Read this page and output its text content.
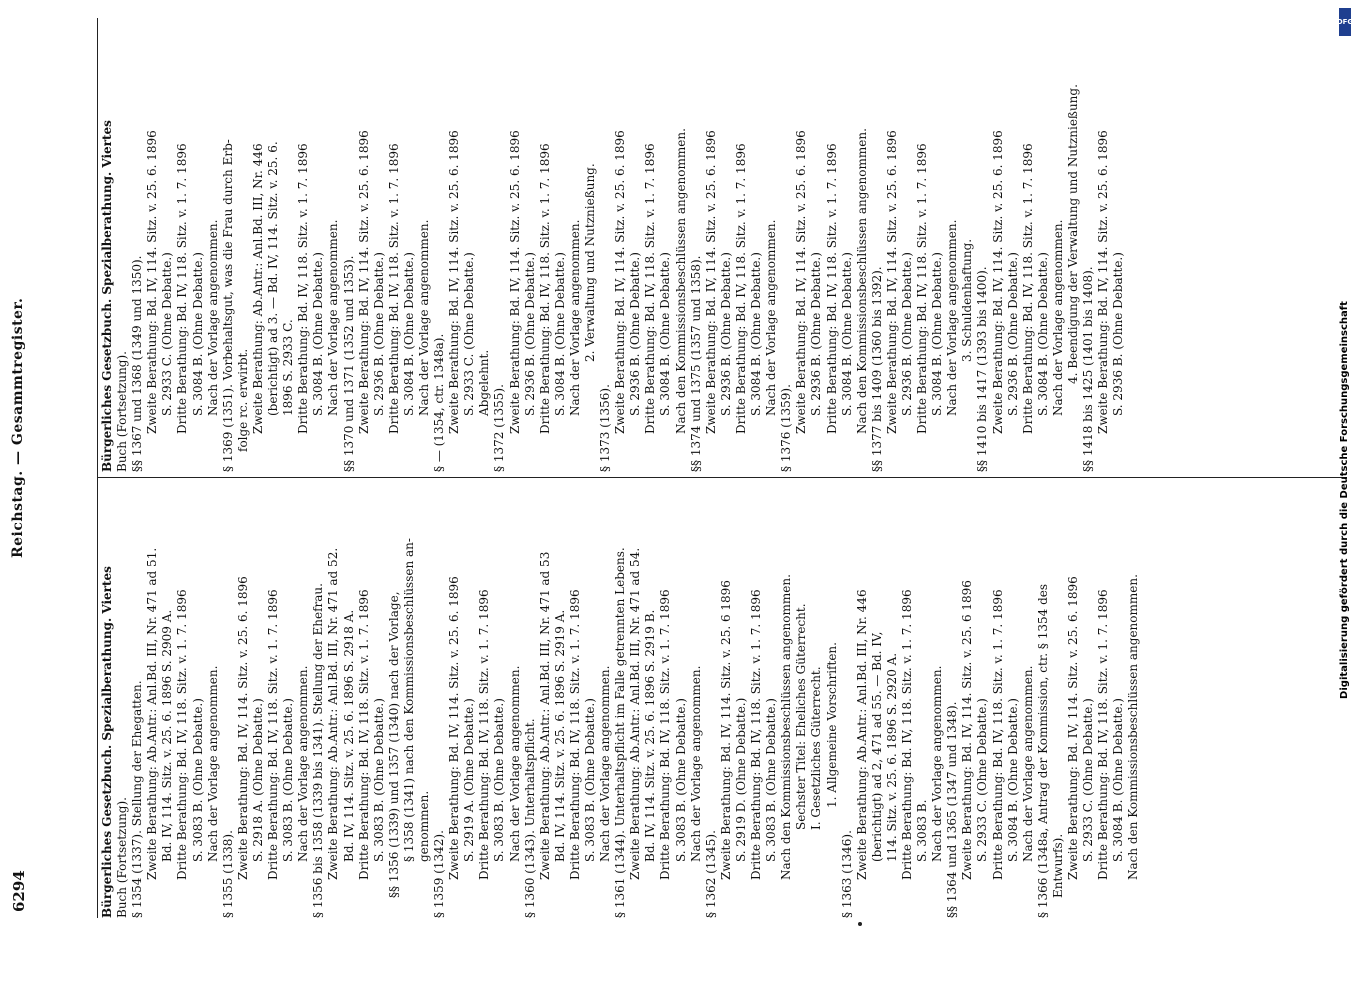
6294
Reichstag. — Gesammtregister.
Bürgerliches Gesetzbuch. Spezialberathung. Viertes Buch (Fortsetzung). § 1354 (1337). Stellung der Ehegatten. Zweite Berathung: Ab.Antr.: Anl.Bd. III, Nr. 471 ad 51. Bd. IV, 114. Sitz. v. 25. 6. 1896 S. 2909 A. Dritte Berathung: Bd. IV, 118. Sitz. v. 1. 7. 1896 S. 3083 B. (Ohne Debatte.) Nach der Vorlage angenommen.
§ 1355 (1338). Zweite Berathung: Bd. IV, 114. Sitz. v. 25. 6. 1896 S. 2918 A. (Ohne Debatte.) Dritte Berathung: Bd. IV, 118. Sitz. v. 1. 7. 1896 S. 3083 B. (Ohne Debatte.) Nach der Vorlage angenommen. § 1356 bis 1358 (1339 bis 1341). Stellung der Ehefrau. Zweite Berathung: Ab.Antr.: Anl.Bd. III, Nr. 471 ad 52. Bd. IV, 114. Sitz. v. 25. 6. 1896 S. 2918 A. Dritte Berathung: Bd. IV, 118. Sitz. v. 1. 7. 1896 S. 3083 B. (Ohne Debatte.) §§ 1356 (1339) und 1357 (1340) nach der Vorlage, § 1358 (1341) nach den Kommissionsbeschlüssen an- genommen.
§ 1359 (1342). Zweite Berathung: Bd. IV, 114. Sitz. v. 25. 6. 1896 S. 2919 A. (Ohne Debatte.) Dritte Berathung: Bd. IV, 118. Sitz. v. 1. 7. 1896 S. 3083 B. (Ohne Debatte.) Nach der Vorlage angenommen. § 1360 (1343). Unterhaltspflicht. Zweite Berathung: Ab.Antr.: Anl.Bd. III, Nr. 471 ad 53 Bd. IV, 114. Sitz. v. 25. 6. 1896 S. 2919 A. Dritte Berathung: Bd. IV, 118. Sitz. v. 1. 7. 1896 S. 3083 B. (Ohne Debatte.) Nach der Vorlage angenommen. § 1361 (1344). Unterhaltspflicht im Falle getrennten Lebens. Zweite Berathung: Ab.Antr.: Anl.Bd. III, Nr. 471 ad 54. Bd. IV, 114. Sitz. v. 25. 6. 1896 S. 2919 B. Dritte Berathung: Bd. IV, 118. Sitz. v. 1. 7. 1896 S. 3083 B. (Ohne Debatte.) Nach der Vorlage angenommen.
§ 1362 (1345). Zweite Berathung: Bd. IV, 114. Sitz. v. 25. 6 1896 S. 2919 D. (Ohne Debatte.) Dritte Berathung: Bd. IV, 118. Sitz. v. 1. 7. 1896 S. 3083 B. (Ohne Debatte.) Nach den Kommissionsbeschlüssen angenommen. Sechster Titel: Eheliches Güterrecht. I. Gesetzliches Güterrecht. 1. Allgemeine Vorschriften.
§ 1363 (1346). Zweite Berathung: Ab.Antr.: Anl.Bd. III, Nr. 446 (berichtigt) ad 2, 471 ad 55. — Bd. IV, 114. Sitz. v. 25. 6. 1896 S. 2920 A. Dritte Berathung: Bd. IV, 118. Sitz. v. 1. 7. 1896 S. 3083 B. Nach der Vorlage angenommen. §§ 1364 und 1365 (1347 und 1348). Zweite Berathung: Bd. IV, 114. Sitz. v. 25. 6 1896 S. 2933 C. (Ohne Debatte.) Dritte Berathung: Bd. IV, 118. Sitz. v. 1. 7. 1896 S. 3084 B. (Ohne Debatte.) Nach der Vorlage angenommen. § 1366 (1348a, Antrag der Kommission, ctr. § 1354 des Entwurfs). Zweite Berathung: Bd. IV, 114. Sitz. v. 25. 6. 1896 S. 2933 C. (Ohne Debatte.) Dritte Berathung: Bd. IV, 118. Sitz. v. 1. 7. 1896 S. 3084 B. (Ohne Debatte.) Nach den Kommissionsbeschlüssen angenommen.
Bürgerliches Gesetzbuch. Spezialberathung. Viertes Buch (Fortsetzung). §§ 1367 und 1368 (1349 und 1350). Zweite Berathung: Bd. IV, 114. Sitz. v. 25. 6. 1896 S. 2933 C. (Ohne Debatte.) Dritte Berathung: Bd. IV, 118. Sitz. v. 1. 7. 1896 S. 3084 B. (Ohne Debatte.) Nach der Vorlage angenommen. § 1369 (1351). Vorbehaltsgut, was die Frau durch Erb- folge rc. erwirbt. Zweite Berathung: Ab.Antr.: Anl.Bd. III, Nr. 446 (berichtigt) ad 3. — Bd. IV, 114. Sitz. v. 25. 6. 1896 S. 2933 C. Dritte Berathung: Bd. IV, 118. Sitz. v. 1. 7. 1896 S. 3084 B. (Ohne Debatte.) Nach der Vorlage angenommen. §§ 1370 und 1371 (1352 und 1353). Zweite Berathung: Bd. IV, 114. Sitz. v. 25. 6. 1896 S. 2936 B. (Ohne Debatte.) Dritte Berathung: Bd. IV, 118. Sitz. v. 1. 7. 1896 S. 3084 B. (Ohne Debatte.) Nach der Vorlage angenommen. § — (1354, ctr. 1348a). Zweite Berathung: Bd. IV, 114. Sitz. v. 25. 6. 1896 S. 2933 C. (Ohne Debatte.) Abgelehnt.
§ 1372 (1355). Zweite Berathung: Bd. IV, 114. Sitz. v. 25. 6. 1896 S. 2936 B. (Ohne Debatte.) Dritte Berathung: Bd. IV, 118. Sitz. v. 1. 7. 1896 S. 3084 B. (Ohne Debatte.) Nach der Vorlage angenommen. 2. Verwaltung und Nutznießung.
§ 1373 (1356). Zweite Berathung: Bd. IV, 114. Sitz. v. 25. 6. 1896 S. 2936 B. (Ohne Debatte.) Dritte Berathung: Bd. IV, 118. Sitz. v. 1. 7. 1896 S. 3084 B. (Ohne Debatte.) Nach den Kommissionsbeschlüssen angenommen. §§ 1374 und 1375 (1357 und 1358). Zweite Berathung: Bd. IV, 114. Sitz. v. 25. 6. 1896 S. 2936 B. (Ohne Debatte.) Dritte Berathung: Bd. IV, 118. Sitz. v. 1. 7. 1896 S. 3084 B. (Ohne Debatte.) Nach der Vorlage angenommen.
§ 1376 (1359). Zweite Berathung: Bd. IV, 114. Sitz. v. 25. 6. 1896 S. 2936 B. (Ohne Debatte.) Dritte Berathung: Bd. IV, 118. Sitz. v. 1. 7. 1896 S. 3084 B. (Ohne Debatte.) Nach den Kommissionsbeschlüssen angenommen. §§ 1377 bis 1409 (1360 bis 1392). Zweite Berathung: Bd. IV, 114. Sitz. v. 25. 6. 1896 S. 2936 B. (Ohne Debatte.) Dritte Berathung: Bd. IV, 118. Sitz. v. 1. 7. 1896 S. 3084 B. (Ohne Debatte.) Nach der Vorlage angenommen. 3. Schuldenhaftung. §§ 1410 bis 1417 (1393 bis 1400). Zweite Berathung: Bd. IV, 114. Sitz. v. 25. 6. 1896 S. 2936 B. (Ohne Debatte.) Dritte Berathung: Bd. IV, 118. Sitz. v. 1. 7. 1896 S. 3084 B. (Ohne Debatte.) Nach der Vorlage angenommen. 4. Beendigung der Verwaltung und Nutznießung. §§ 1418 bis 1425 (1401 bis 1408). Zweite Berathung: Bd. IV, 114. Sitz. v. 25. 6. 1896 S. 2936 B. (Ohne Debatte.)
DFG
Digitalisierung gefördert durch die Deutsche Forschungsgemeinschaft
